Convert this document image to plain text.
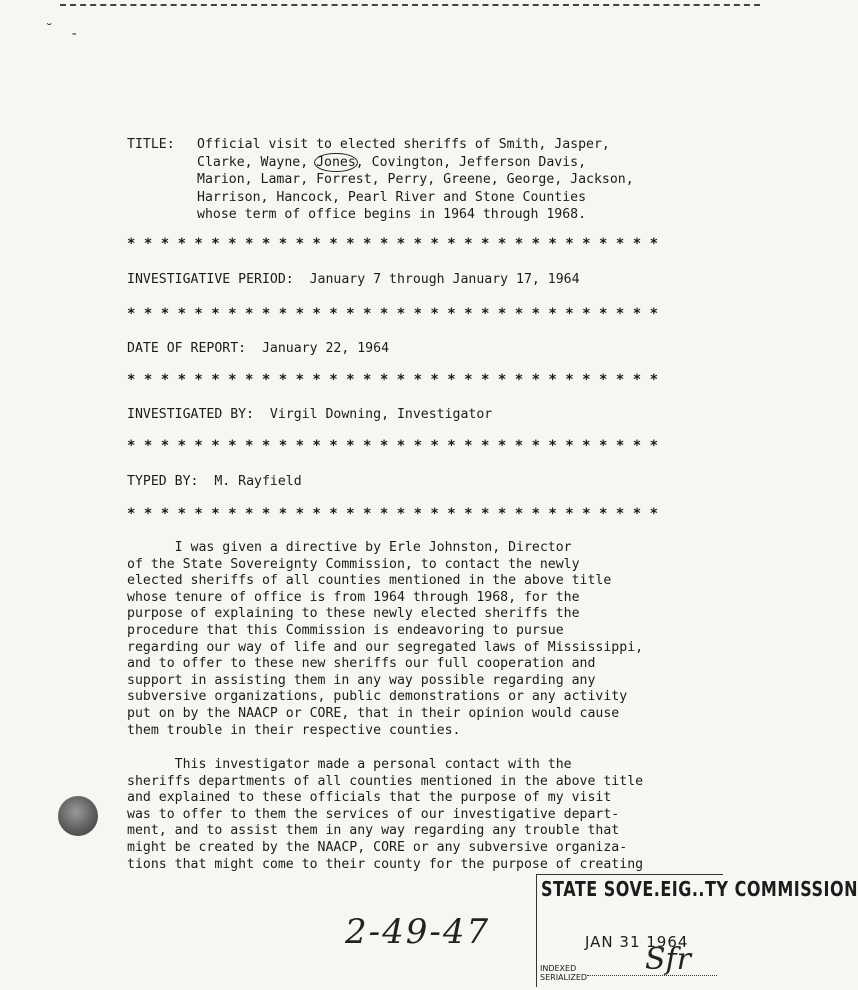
˘ -
TITLE: Official visit to elected sheriffs of Smith, Jasper,
Clarke, Wayne, Jones, Covington, Jefferson Davis,
Marion, Lamar, Forrest, Perry, Greene, George, Jackson,
Harrison, Hancock, Pearl River and Stone Counties
whose term of office begins in 1964 through 1968.
* * * * * * * * * * * * * * * * * * * * * * * * * * * * * * * *
INVESTIGATIVE PERIOD:  January 7 through January 17, 1964
* * * * * * * * * * * * * * * * * * * * * * * * * * * * * * * *
DATE OF REPORT:  January 22, 1964
* * * * * * * * * * * * * * * * * * * * * * * * * * * * * * * *
INVESTIGATED BY:  Virgil Downing, Investigator
* * * * * * * * * * * * * * * * * * * * * * * * * * * * * * * *
TYPED BY:  M. Rayfield
* * * * * * * * * * * * * * * * * * * * * * * * * * * * * * * *
I was given a directive by Erle Johnston, Director
of the State Sovereignty Commission, to contact the newly
elected sheriffs of all counties mentioned in the above title
whose tenure of office is from 1964 through 1968, for the
purpose of explaining to these newly elected sheriffs the
procedure that this Commission is endeavoring to pursue
regarding our way of life and our segregated laws of Mississippi,
and to offer to these new sheriffs our full cooperation and
support in assisting them in any way possible regarding any
subversive organizations, public demonstrations or any activity
put on by the NAACP or CORE, that in their opinion would cause
them trouble in their respective counties.
This investigator made a personal contact with the
sheriffs departments of all counties mentioned in the above title
and explained to these officials that the purpose of my visit
was to offer to them the services of our investigative depart-
ment, and to assist them in any way regarding any trouble that
might be created by the NAACP, CORE or any subversive organiza-
tions that might come to their county for the purpose of creating
2-49-47
STATE SOVE.EIG..TY COMMISSION
JAN 31 1964
INDEXED
SERIALIZED
Sfr
